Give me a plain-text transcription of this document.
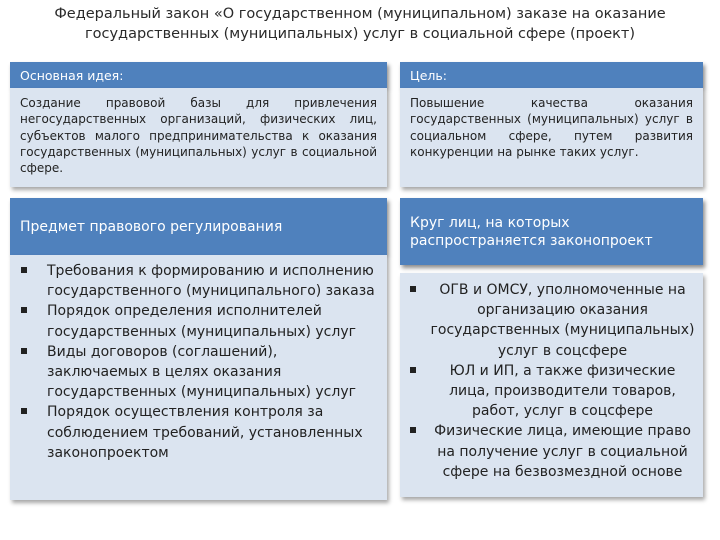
Федеральный закон «О государственном (муниципальном) заказе на оказание государственных (муниципальных) услуг в социальной сфере (проект)
Основная идея:
Создание правовой базы для привлечения негосударственных организаций, физических лиц, субъектов малого предпринимательства к оказания государственных (муниципальных) услуг в социальной сфере.
Цель:
Повышение качества оказания государственных (муниципальных) услуг в социальном сфере, путем развития конкуренции на рынке таких услуг.
Предмет правового регулирования
Требования к формированию и исполнению государственного (муниципального) заказа
Порядок определения исполнителей государственных (муниципальных) услуг
Виды договоров (соглашений), заключаемых в целях оказания государственных (муниципальных) услуг
Порядок осуществления контроля за соблюдением требований, установленных законопроектом
Круг лиц, на которых распространяется законопроект
ОГВ и ОМСУ, уполномоченные на организацию оказания государственных (муниципальных) услуг в соцсфере
ЮЛ и ИП, а также физические лица, производители товаров, работ, услуг в соцсфере
Физические лица, имеющие право на получение услуг в социальной сфере на безвозмездной основе
